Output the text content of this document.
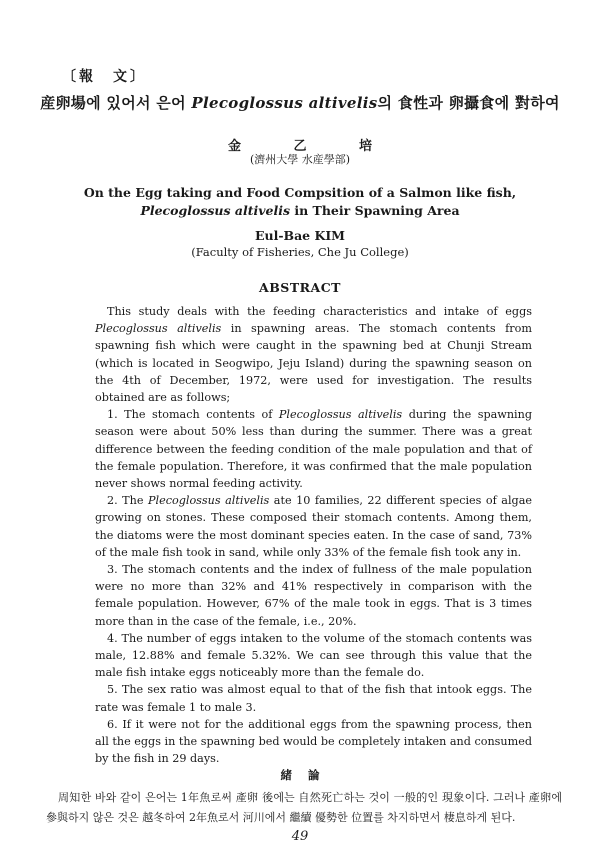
〔報　文〕
産卵場에 있어서 은어 Plecoglossus altivelis의 食性과 卵攝食에 對하여
金 乙 培
(濟州大學 水産學部)
On the Egg taking and Food Compsition of a Salmon like fish,
Plecoglossus altivelis in Their Spawning Area
Eul-Bae KIM
(Faculty of Fisheries, Che Ju College)
ABSTRACT

This study deals with the feeding characteristics and intake of eggs Plecoglossus altivelis in spawning areas. The stomach contents from spawning fish which were caught in the spawning bed at Chunji Stream (which is located in Seogwipo, Jeju Island) during the spawning season on the 4th of December, 1972, were used for investigation. The results obtained are as follows;

1. The stomach contents of Plecoglossus altivelis during the spawning season were about 50% less than during the summer. There was a great difference between the feeding condition of the male population and that of the female population. Therefore, it was confirmed that the male population never shows normal feeding activity.

2. The Plecoglossus altivelis ate 10 families, 22 different species of algae growing on stones. These composed their stomach contents. Among them, the diatoms were the most dominant species eaten. In the case of sand, 73% of the male fish took in sand, while only 33% of the female fish took any in.

3. The stomach contents and the index of fullness of the male population were no more than 32% and 41% respectively in comparison with the female population. However, 67% of the male took in eggs. That is 3 times more than in the case of the female, i.e., 20%.

4. The number of eggs intaken to the volume of the stomach contents was male, 12.88% and female 5.32%. We can see through this value that the male fish intake eggs noticeably more than the female do.

5. The sex ratio was almost equal to that of the fish that intook eggs. The rate was female 1 to male 3.

6. If it were not for the additional eggs from the spawning process, then all the eggs in the spawning bed would be completely intaken and consumed by the fish in 29 days.

緒 論

周知한 바와 같이 은어는 1年魚로써 產卵 後에는 自然死亡하는 것이 一般的인 現象이다. 그러나 產卵에 參與하지 않은 것은 越冬하여 2年魚로서 河川에서 繼續 優勢한 位置를 차지하면서 棲息하게 된다.

49
